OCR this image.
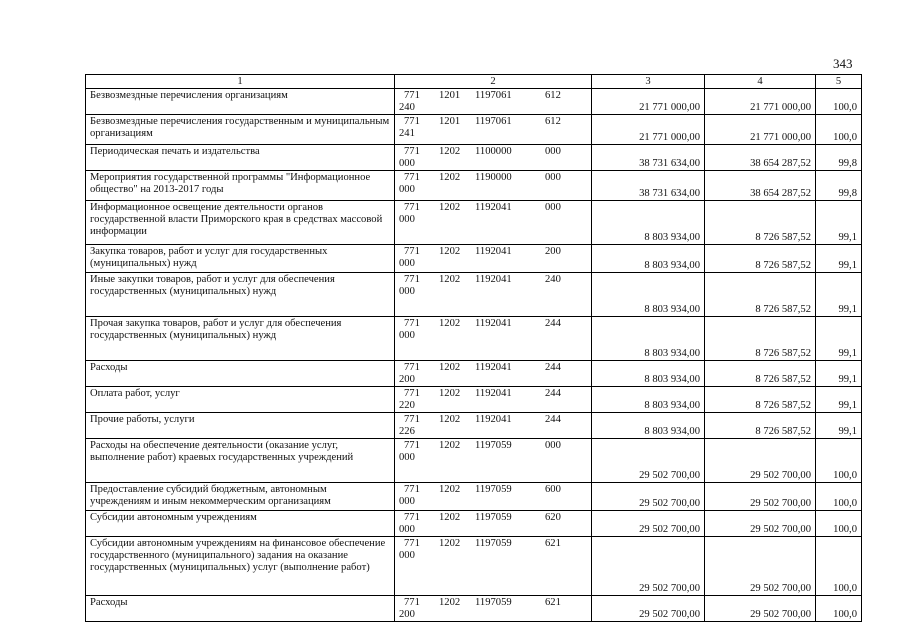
343
1	2	3	4	5
Безвозмездные перечисления организациям	771 1201 1197061 612240	21 771 000,00	21 771 000,00	100,0
Безвозмездные перечисления государственным и муниципальным организациям	771 1201 1197061 612241	21 771 000,00	21 771 000,00	100,0
Периодическая печать и издательства	771 1202 1100000 000000	38 731 634,00	38 654 287,52	99,8
Мероприятия государственной программы "Информационное общество" на 2013-2017 годы	771 1202 1190000 000000	38 731 634,00	38 654 287,52	99,8
Информационное освещение деятельности органов государственной власти Приморского края в средствах массовой информации	771 1202 1192041 000000	8 803 934,00	8 726 587,52	99,1
Закупка товаров, работ и услуг для государственных (муниципальных) нужд	771 1202 1192041 200000	8 803 934,00	8 726 587,52	99,1
Иные закупки товаров, работ и услуг для обеспечения государственных (муниципальных) нужд	771 1202 1192041 240000	8 803 934,00	8 726 587,52	99,1
Прочая закупка товаров, работ и услуг для обеспечения государственных (муниципальных) нужд	771 1202 1192041 244000	8 803 934,00	8 726 587,52	99,1
Расходы	771 1202 1192041 244200	8 803 934,00	8 726 587,52	99,1
Оплата работ, услуг	771 1202 1192041 244220	8 803 934,00	8 726 587,52	99,1
Прочие работы, услуги	771 1202 1192041 244226	8 803 934,00	8 726 587,52	99,1
Расходы на обеспечение деятельности (оказание услуг, выполнение работ) краевых государственных учреждений	771 1202 1197059 000000	29 502 700,00	29 502 700,00	100,0
Предоставление субсидий бюджетным, автономным учреждениям и иным некоммерческим организациям	771 1202 1197059 600000	29 502 700,00	29 502 700,00	100,0
Субсидии автономным учреждениям	771 1202 1197059 620000	29 502 700,00	29 502 700,00	100,0
Субсидии автономным учреждениям на финансовое обеспечение государственного (муниципального) задания на оказание государственных (муниципальных) услуг (выполнение работ)	771 1202 1197059 621000	29 502 700,00	29 502 700,00	100,0
Расходы	771 1202 1197059 621200	29 502 700,00	29 502 700,00	100,0
